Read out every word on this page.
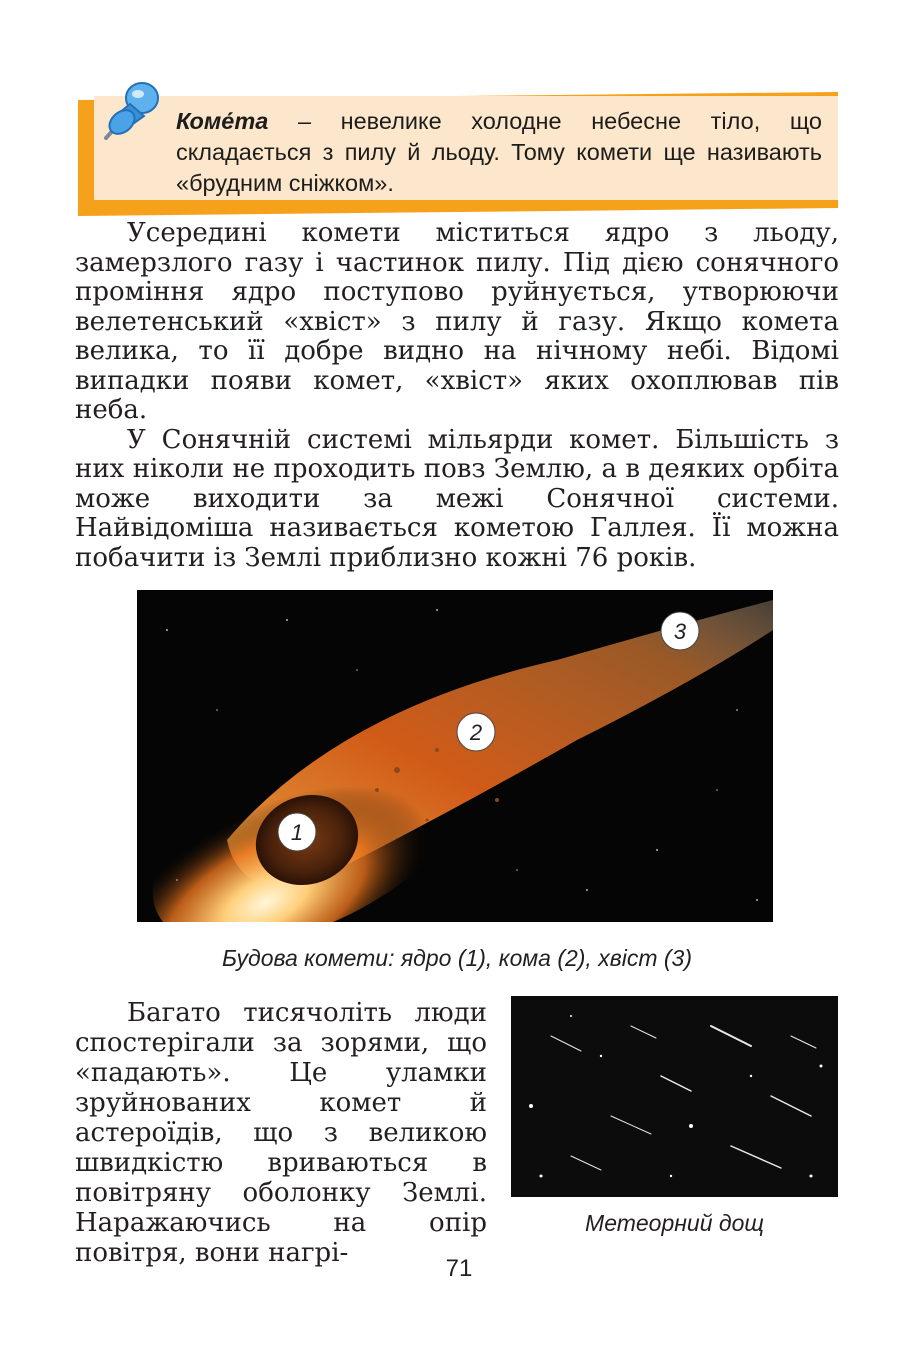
Коме́та – невелике холодне небесне тіло, що складається з пилу й льоду. Тому комети ще називають «брудним сніжком».

Усередині комети міститься ядро з льоду, замерзлого газу і частинок пилу. Під дією сонячного проміння ядро поступово руйнується, утворюючи велетенський «хвіст» з пилу й газу. Якщо комета велика, то її добре видно на нічному небі. Відомі випадки появи комет, «хвіст» яких охоплював пів неба.

У Сонячній системі мільярди комет. Більшість з них ніколи не проходить повз Землю, а в деяких орбіта може виходити за межі Сонячної системи. Найвідоміша називається кометою Галлея. Її можна побачити із Землі приблизно кожні 76 років.

1
2
3
Будова комети: ядро (1), кома (2), хвіст (3)

Багато тисячоліть люди спостерігали за зорями, що «падають». Це уламки зруйнованих комет й астероїдів, що з великою швидкістю вриваються в повітряну оболонку Землі. Наражаючись на опір повітря, вони нагрі-

Метеорний дощ
71
